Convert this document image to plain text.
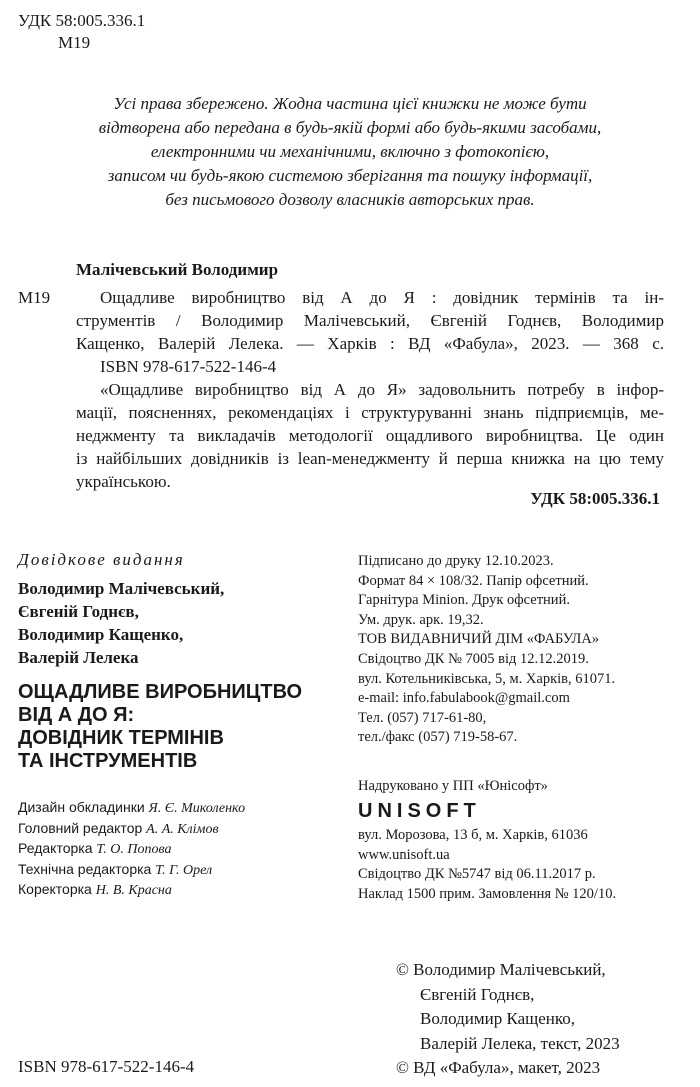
УДК 58:005.336.1
М19
Усі права збережено. Жодна частина цієї книжки не може бути
відтворена або передана в будь-якій формі або будь-якими засобами,
електронними чи механічними, включно з фотокопією,
записом чи будь-якою системою зберігання та пошуку інформації,
без письмового дозволу власників авторських прав.
Малічевський Володимир
М19	Ощадливе виробництво від А до Я : довідник термінів та ін-
струментів / Володимир Малічевський, Євгеній Годнєв, Володимир
Кащенко, Валерій Лелека. — Харків : ВД «Фабула», 2023. — 368 с.
ISBN 978-617-522-146-4
«Ощадливе виробництво від А до Я» задовольнить потребу в інфор-
мації, поясненнях, рекомендаціях і структуруванні знань підприємців, ме-
неджменту та викладачів методології ощадливого виробництва. Це один
із найбільших довідників із lean-менеджменту й перша книжка на цю тему
українською.
УДК 58:005.336.1
Довідкове видання
Володимир Малічевський,
Євгеній Годнєв,
Володимир Кащенко,
Валерій Лелека
ОЩАДЛИВЕ ВИРОБНИЦТВО
ВІД А ДО Я:
ДОВІДНИК ТЕРМІНІВ
ТА ІНСТРУМЕНТІВ
Дизайн обкладинки Я. Є. Миколенко
Головний редактор А. А. Клімов
Редакторка Т. О. Попова
Технічна редакторка Т. Г. Орел
Коректорка Н. В. Красна
Підписано до друку 12.10.2023.
Формат 84 × 108/32. Папір офсетний.
Гарнітура Minion. Друк офсетний.
Ум. друк. арк. 19,32.
ТОВ ВИДАВНИЧИЙ ДІМ «ФАБУЛА»
Свідоцтво ДК № 7005 від 12.12.2019.
вул. Котельниківська, 5, м. Харків, 61071.
e-mail: info.fabulabook@gmail.com
Тел. (057) 717-61-80,
тел./факс (057) 719-58-67.
Надруковано у ПП «Юнісофт»
UNISOFT
вул. Морозова, 13 б, м. Харків, 61036
www.unisoft.ua
Свідоцтво ДК №5747 від 06.11.2017 р.
Наклад 1500 прим. Замовлення № 120/10.
© Володимир Малічевський,
Євгеній Годнєв,
Володимир Кащенко,
Валерій Лелека, текст, 2023
© ВД «Фабула», макет, 2023
ISBN 978-617-522-146-4
